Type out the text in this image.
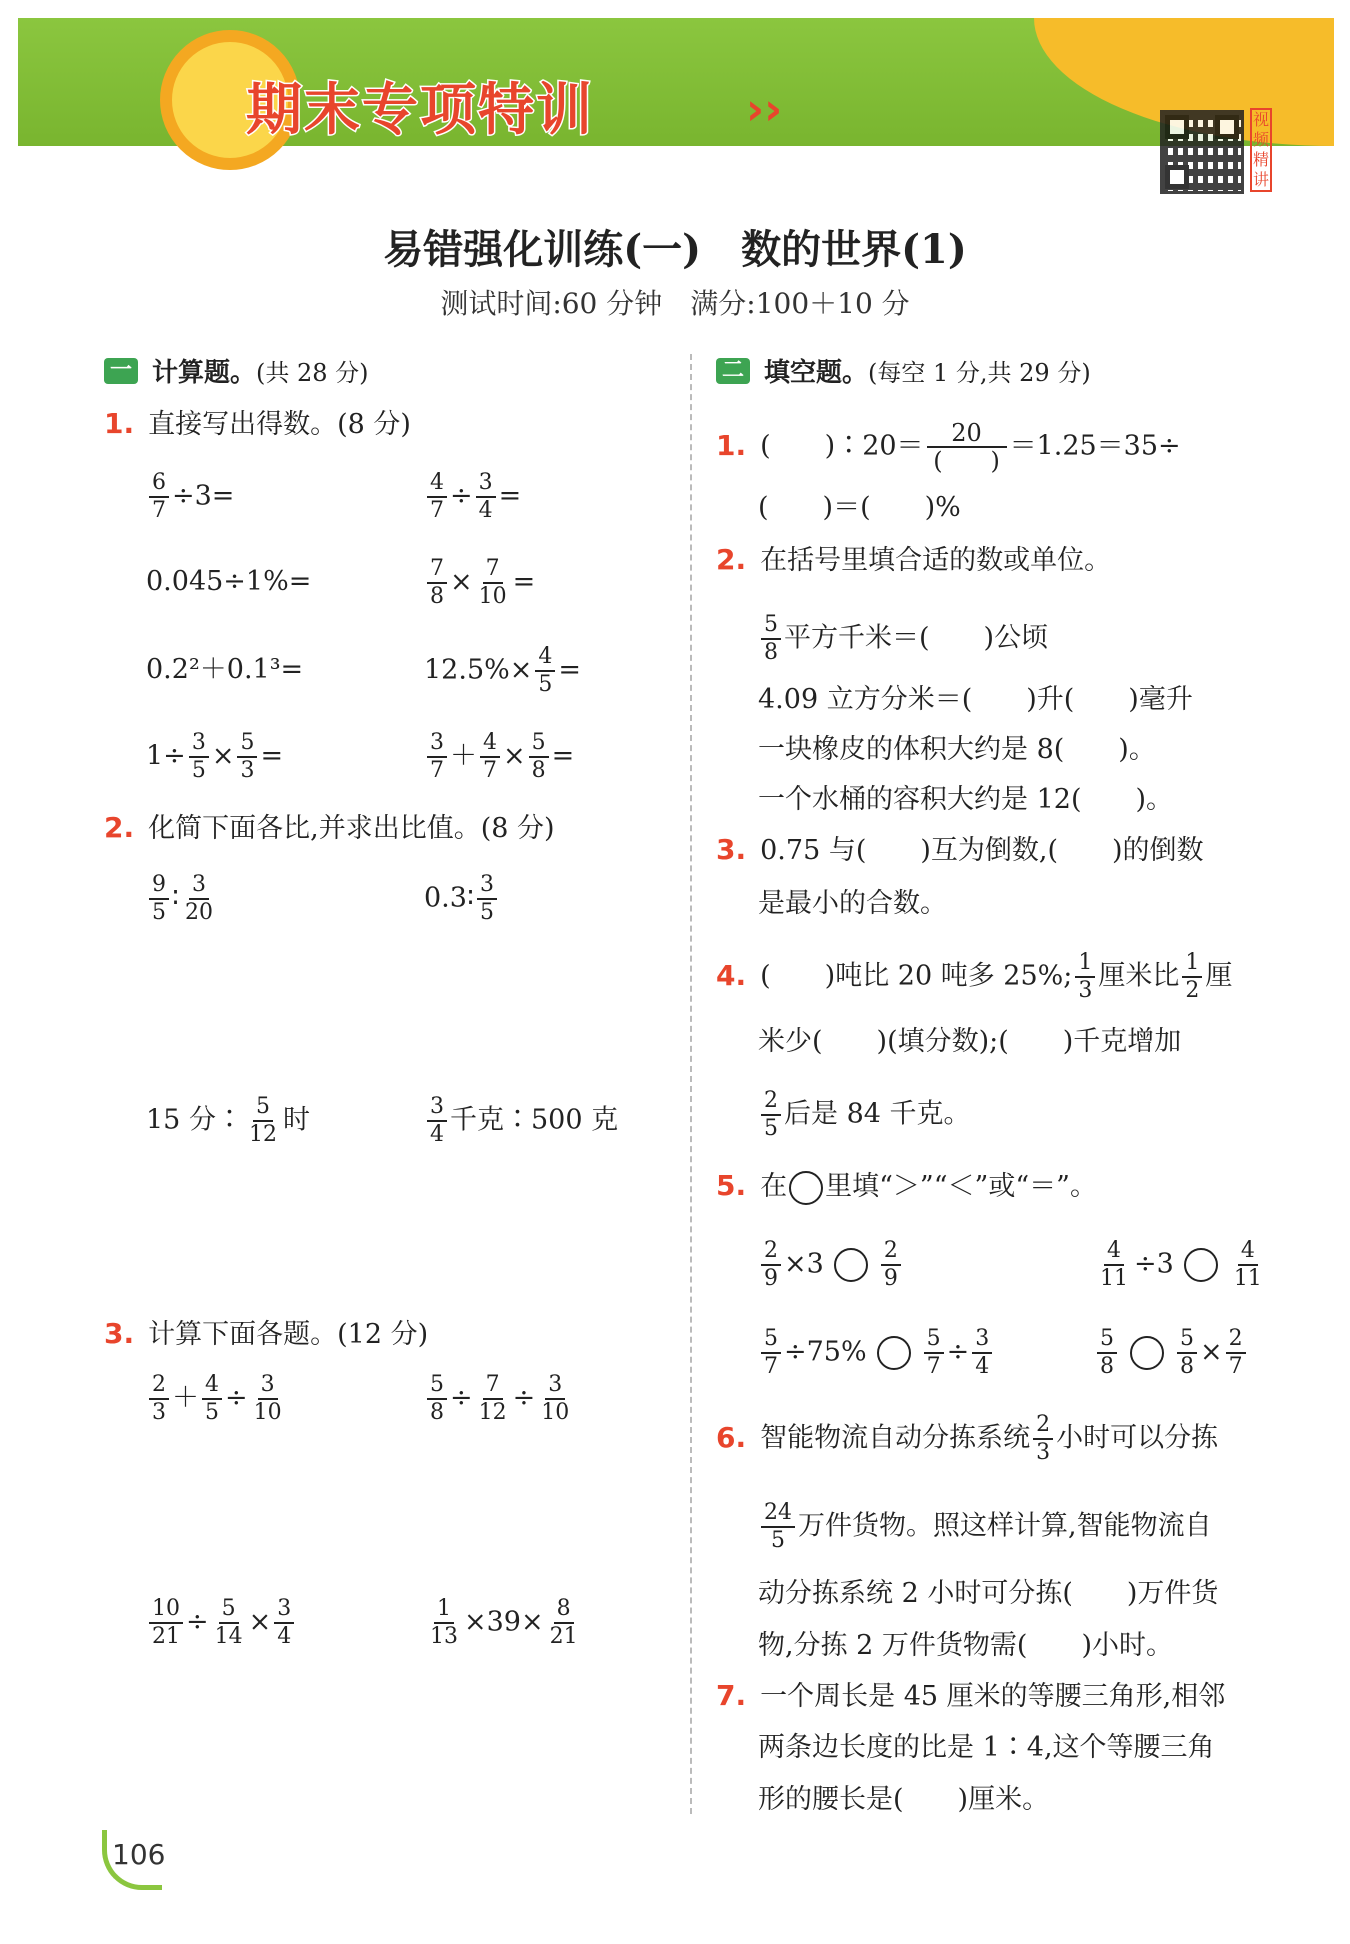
期末专项特训	››	视频精讲
易错强化训练(一)　数的世界(1)
测试时间:60 分钟　满分:100＋10 分
一 计算题。 (共 28 分)
1. 直接写出得数。(8 分)
$\frac{6}{7} \div 3=$	$\frac{4}{7} \div \frac{3}{4}$ =
0.045÷1%=	$\frac{7}{8} \times \frac{7}{10}$ =
0.2²＋0.1³=	$12.5\%\times \frac{4}{5}$ =
$1\div \frac{3}{5} \times \frac{5}{3}$ =	$\frac{3}{7} + \frac{4}{7} \times \frac{5}{8}$ =
2. 化简下面各比,并求出比值。(8 分)
$\frac{9}{5}$ ∶ $\frac{3}{20}$	0.3∶ $\frac{3}{5}$
15 分∶ $\frac{5}{12}$ 时	$\frac{3}{4}$ 千克∶500 克
3. 计算下面各题。(12 分)
$\frac{2}{3} + \frac{4}{5} \div \frac{3}{10}$	$\frac{5}{8} \div \frac{7}{12} \div \frac{3}{10}$
$\frac{10}{21} \div \frac{5}{14} \times \frac{3}{4}$	$\frac{1}{13} \times 39\times \frac{8}{21}$
二 填空题。 (每空 1 分,共 29 分)
1. (　　)∶20＝ $\frac{20}{( )} =1.25=35\div$
(　　)＝(　　)%
2. 在括号里填合适的数或单位。
$\frac{5}{8}$ 平方千米＝(　　)公顷
4.09 立方分米＝(　　)升(　　)毫升
一块橡皮的体积大约是 8(　　)。
一个水桶的容积大约是 12(　　)。
3. 0.75 与(　　)互为倒数,(　　)的倒数
是最小的合数。
4. (　　)吨比 20 吨多 25%; $\frac{1}{3}$ 厘米比 $\frac{1}{2}$ 厘
米少(　　)(填分数);(　　)千克增加
$\frac{2}{5}$ 后是 84 千克。
5. 在 里填“＞”“＜”或“＝”。
$\frac{2}{9} \times 3$	$\frac{2}{9}$	$\frac{4}{11} \div 3$	$\frac{4}{11}$
$\frac{5}{7} \div 75\%$	$\frac{5}{7} \div \frac{3}{4}$	$\frac{5}{8}$	$\frac{5}{8} \times \frac{2}{7}$
6. 智能物流自动分拣系统 $\frac{2}{3}$ 小时可以分拣
$\frac{24}{5}$ 万件货物。照这样计算,智能物流自
动分拣系统 2 小时可分拣(　　)万件货
物,分拣 2 万件货物需(　　)小时。
7. 一个周长是 45 厘米的等腰三角形,相邻
两条边长度的比是 1∶4,这个等腰三角
形的腰长是(　　)厘米。
106
